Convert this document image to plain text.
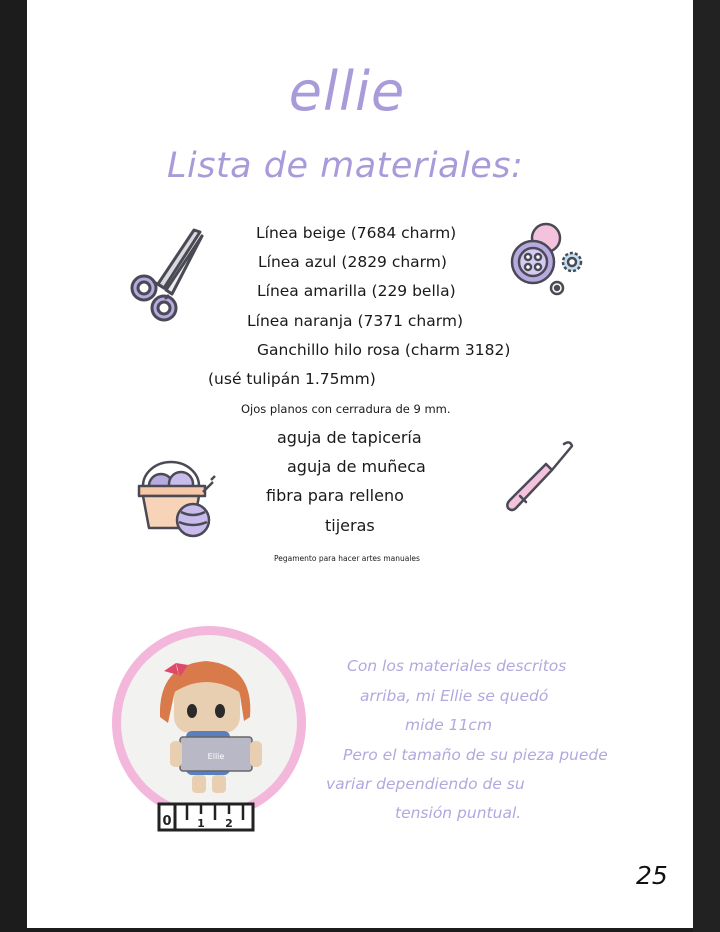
ellie
Lista de materiales:
Línea beige (7684 charm)
Línea azul (2829 charm)
Línea amarilla (229 bella)
Línea naranja (7371 charm)
Ganchillo hilo rosa (charm 3182)
(usé tulipán 1.75mm)
Ojos planos con cerradura de 9 mm.
aguja de tapicería
aguja de muñeca
fibra para relleno
tijeras
Pegamento para hacer artes manuales
Ellie
0 1 2
Con los materiales descritos
arriba, mi Ellie se quedó
mide 11cm
Pero el tamaño de su pieza puede
variar dependiendo de su
tensión puntual.
25
